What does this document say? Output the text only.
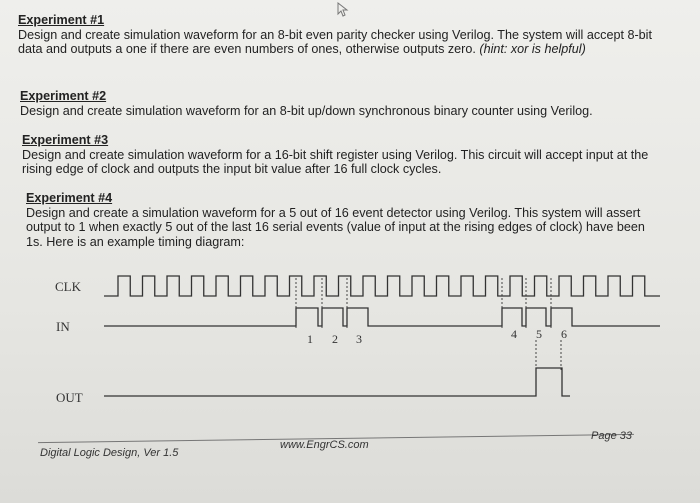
Experiment #1
Design and create simulation waveform for an 8-bit even parity checker using Verilog. The system will accept 8-bit data and outputs a one if there are even numbers of ones, otherwise outputs zero. (hint: xor is helpful)
Experiment #2
Design and create simulation waveform for an 8-bit up/down synchronous binary counter using Verilog.
Experiment #3
Design and create simulation waveform for a 16-bit shift register using Verilog. This circuit will accept input at the rising edge of clock and outputs the input bit value after 16 full clock cycles.
Experiment #4
Design and create a simulation waveform for a 5 out of 16 event detector using Verilog. This system will assert output to 1 when exactly 5 out of the last 16 serial events (value of input at the rising edges of clock) have been 1s. Here is an example timing diagram:
CLK
IN
OUT
1 2 3	4 5 6
Digital Logic Design, Ver 1.5
www.EngrCS.com
Page 33
